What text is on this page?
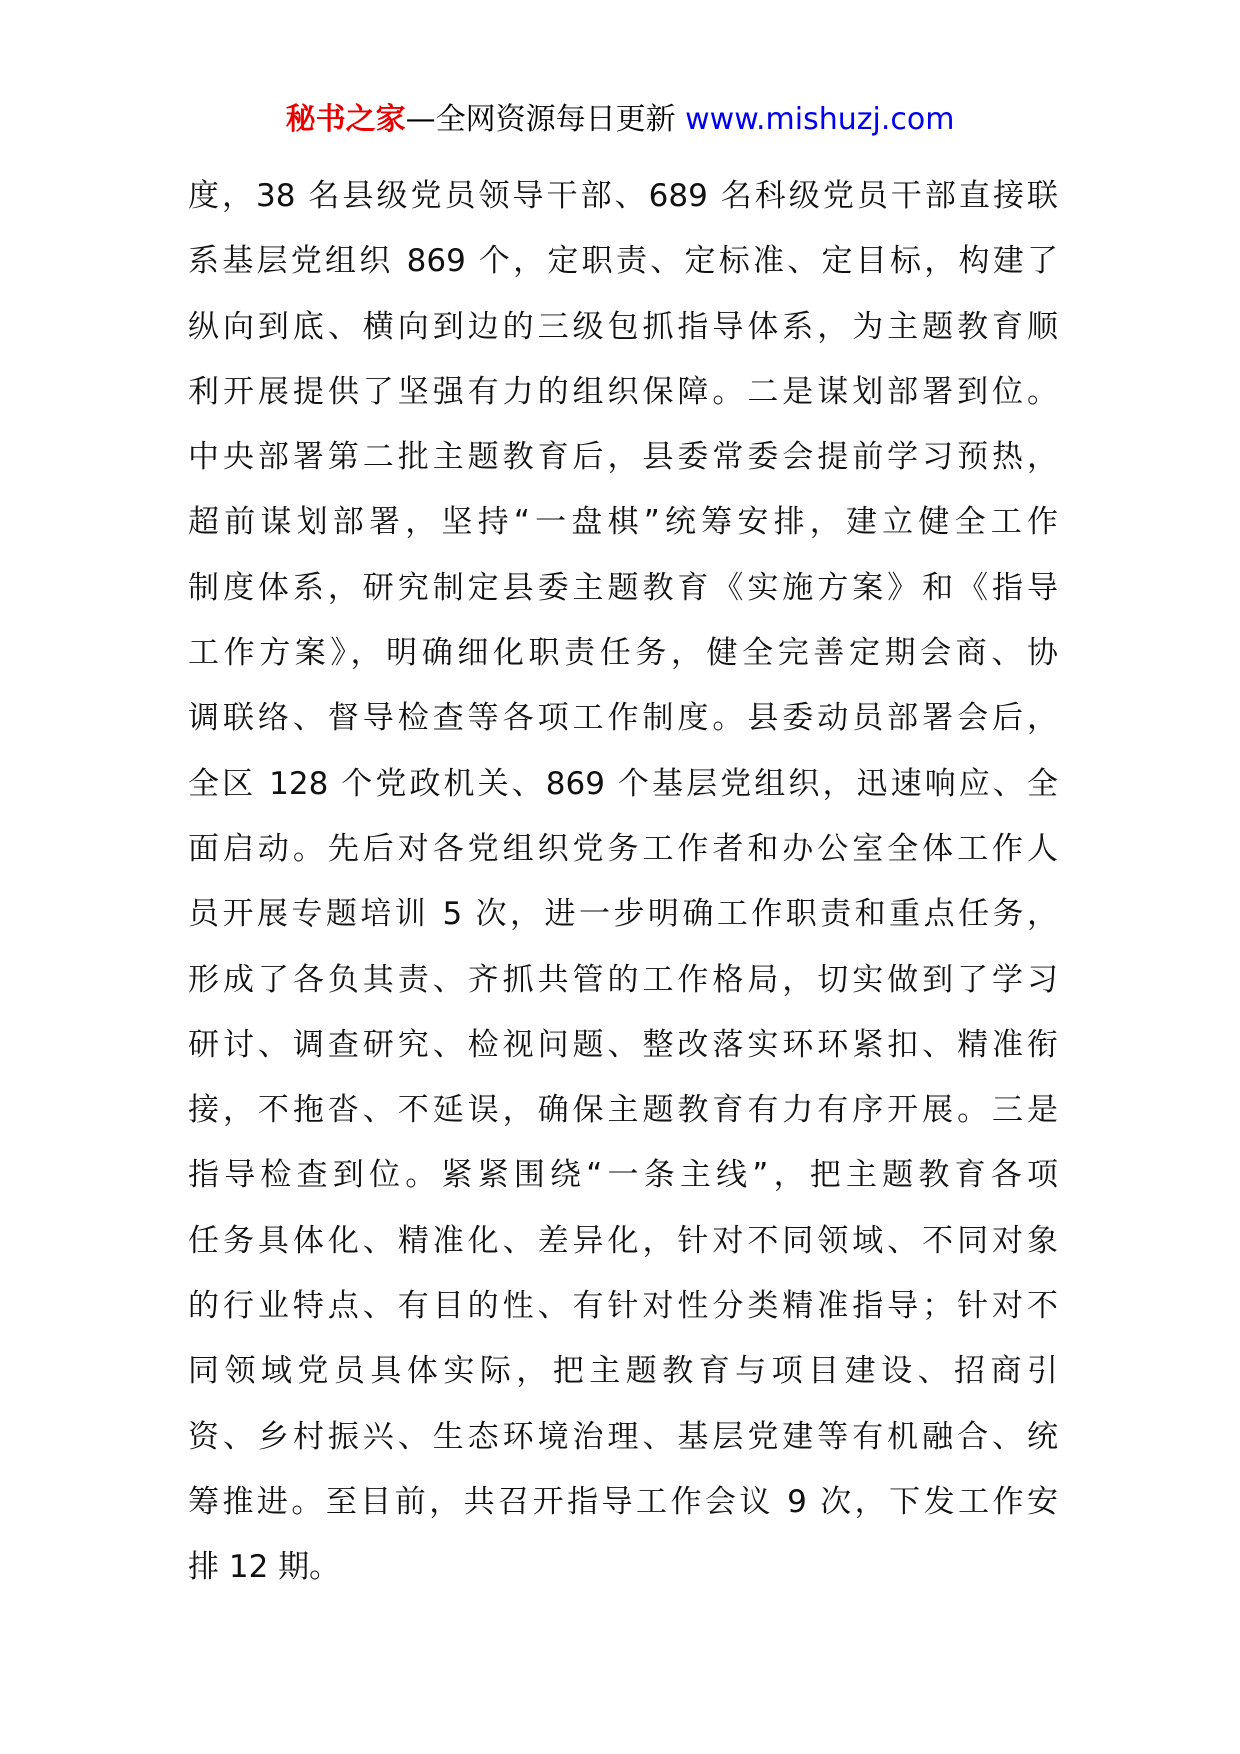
秘书之家—全网资源每日更新 www.mishuzj.com
度，38 名县级党员领导干部、689 名科级党员干部直接联
系基层党组织 869 个，定职责、定标准、定目标，构建了
纵向到底、横向到边的三级包抓指导体系，为主题教育顺
利开展提供了坚强有力的组织保障。二是谋划部署到位。
中央部署第二批主题教育后，县委常委会提前学习预热，
超前谋划部署，坚持“一盘棋”统筹安排，建立健全工作
制度体系，研究制定县委主题教育《实施方案》和《指导
工作方案》，明确细化职责任务，健全完善定期会商、协
调联络、督导检查等各项工作制度。县委动员部署会后，
全区 128 个党政机关、869 个基层党组织，迅速响应、全
面启动。先后对各党组织党务工作者和办公室全体工作人
员开展专题培训 5 次，进一步明确工作职责和重点任务，
形成了各负其责、齐抓共管的工作格局，切实做到了学习
研讨、调查研究、检视问题、整改落实环环紧扣、精准衔
接，不拖沓、不延误，确保主题教育有力有序开展。三是
指导检查到位。紧紧围绕“一条主线”，把主题教育各项
任务具体化、精准化、差异化，针对不同领域、不同对象
的行业特点、有目的性、有针对性分类精准指导；针对不
同领域党员具体实际，把主题教育与项目建设、招商引
资、乡村振兴、生态环境治理、基层党建等有机融合、统
筹推进。至目前，共召开指导工作会议 9 次，下发工作安
排 12 期。
